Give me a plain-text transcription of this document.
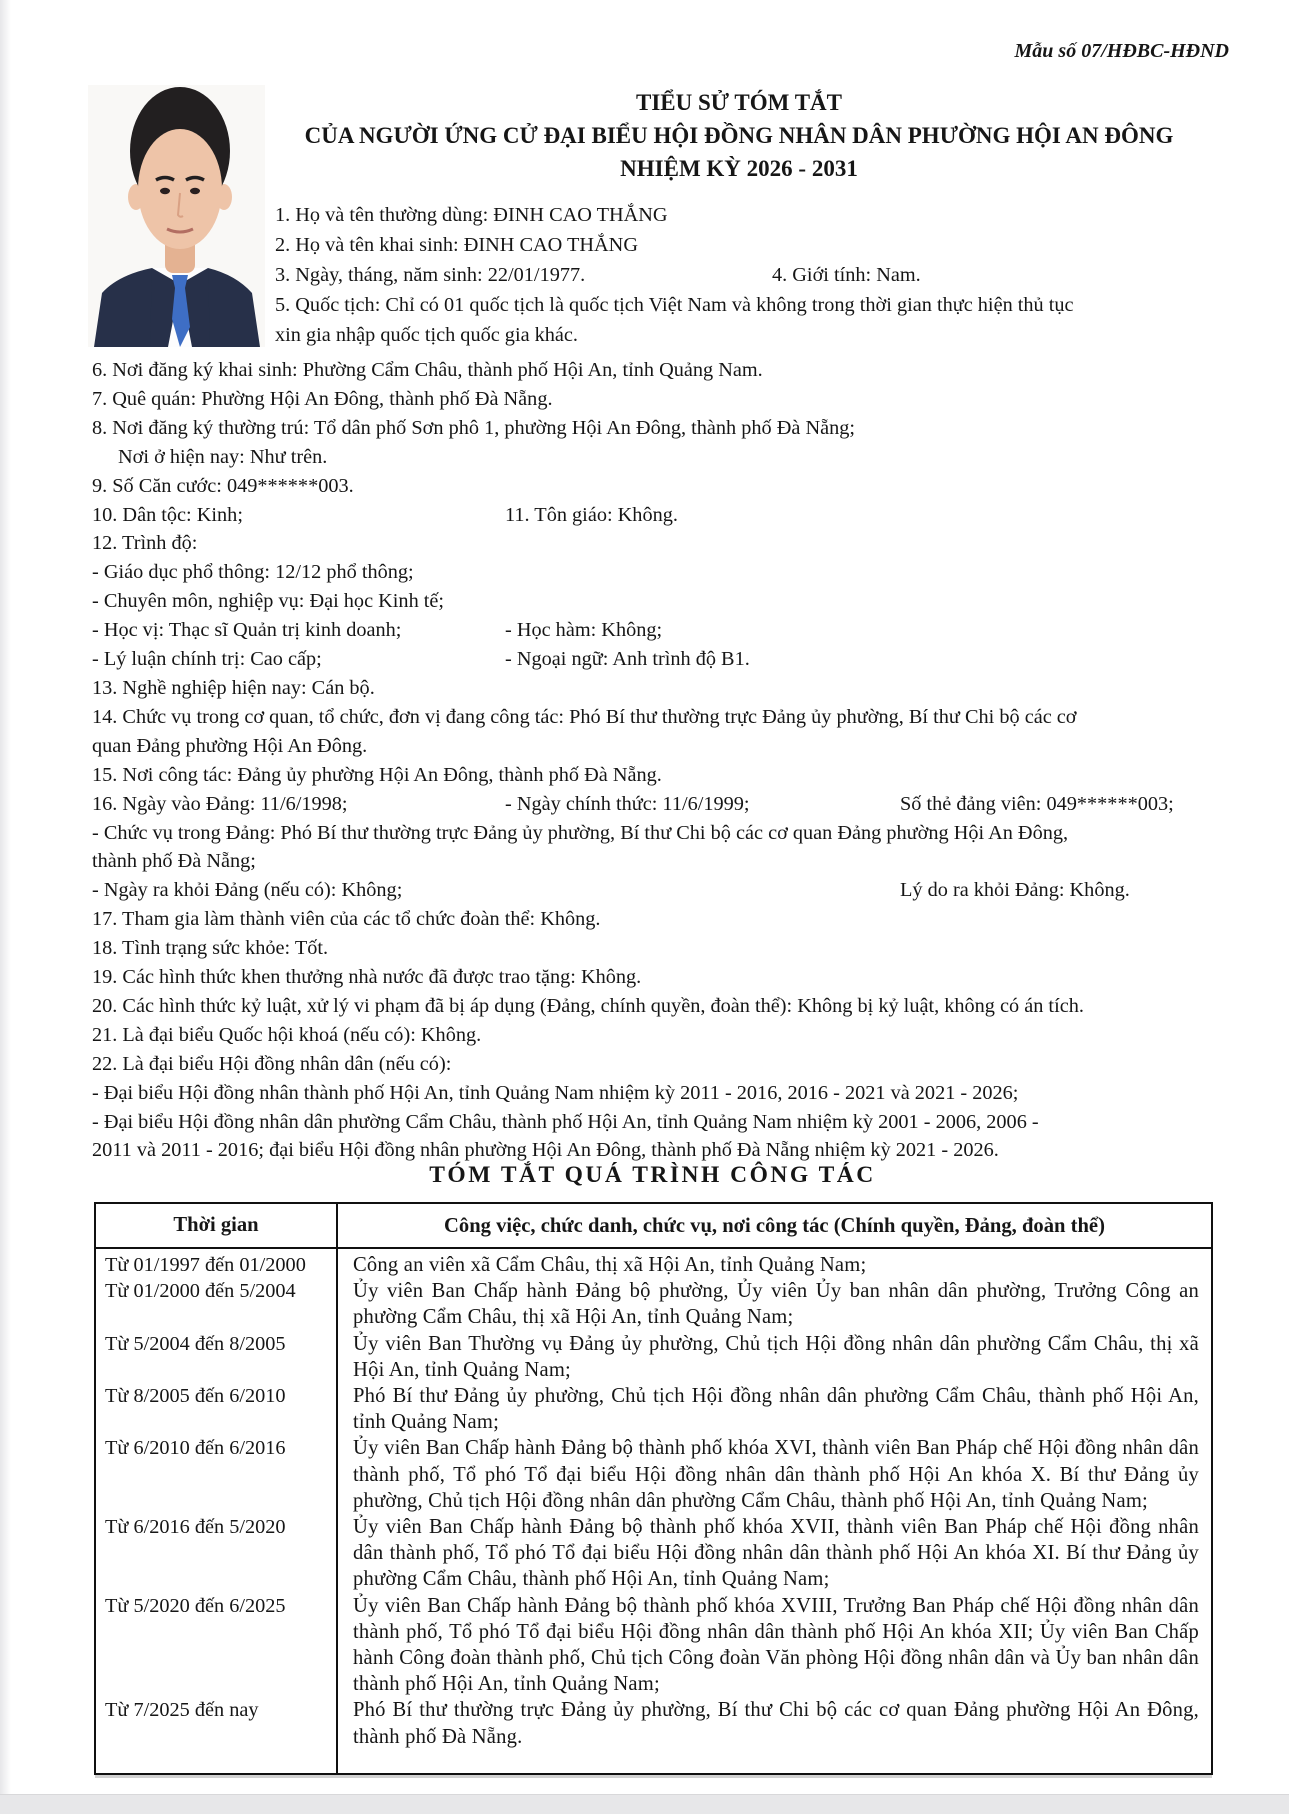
Mẫu số 07/HĐBC-HĐND
TIỂU SỬ TÓM TẮT
CỦA NGƯỜI ỨNG CỬ ĐẠI BIỂU HỘI ĐỒNG NHÂN DÂN PHƯỜNG HỘI AN ĐÔNG
NHIỆM KỲ 2026 - 2031
1. Họ và tên thường dùng: ĐINH CAO THẮNG
2. Họ và tên khai sinh: ĐINH CAO THẮNG
3. Ngày, tháng, năm sinh: 22/01/1977.	4. Giới tính: Nam.
5. Quốc tịch: Chỉ có 01 quốc tịch là quốc tịch Việt Nam và không trong thời gian thực hiện thủ tục
xin gia nhập quốc tịch quốc gia khác.
6. Nơi đăng ký khai sinh: Phường Cẩm Châu, thành phố Hội An, tỉnh Quảng Nam.
7. Quê quán: Phường Hội An Đông, thành phố Đà Nẵng.
8. Nơi đăng ký thường trú: Tổ dân phố Sơn phô 1, phường Hội An Đông, thành phố Đà Nẵng;
Nơi ở hiện nay: Như trên.
9. Số Căn cước: 049******003.
10. Dân tộc: Kinh;	11. Tôn giáo: Không.
12. Trình độ:
- Giáo dục phổ thông: 12/12 phổ thông;
- Chuyên môn, nghiệp vụ: Đại học Kinh tế;
- Học vị: Thạc sĩ Quản trị kinh doanh;	- Học hàm: Không;
- Lý luận chính trị: Cao cấp;	- Ngoại ngữ: Anh trình độ B1.
13. Nghề nghiệp hiện nay: Cán bộ.
14. Chức vụ trong cơ quan, tổ chức, đơn vị đang công tác: Phó Bí thư thường trực Đảng ủy phường, Bí thư Chi bộ các cơ
quan Đảng phường Hội An Đông.
15. Nơi công tác: Đảng ủy phường Hội An Đông, thành phố Đà Nẵng.
16. Ngày vào Đảng: 11/6/1998;	- Ngày chính thức: 11/6/1999;	Số thẻ đảng viên: 049******003;
- Chức vụ trong Đảng: Phó Bí thư thường trực Đảng ủy phường, Bí thư Chi bộ các cơ quan Đảng phường Hội An Đông,
thành phố Đà Nẵng;
- Ngày ra khỏi Đảng (nếu có): Không;	Lý do ra khỏi Đảng: Không.
17. Tham gia làm thành viên của các tổ chức đoàn thể: Không.
18. Tình trạng sức khỏe: Tốt.
19. Các hình thức khen thưởng nhà nước đã được trao tặng: Không.
20. Các hình thức kỷ luật, xử lý vi phạm đã bị áp dụng (Đảng, chính quyền, đoàn thể): Không bị kỷ luật, không có án tích.
21. Là đại biểu Quốc hội khoá (nếu có): Không.
22. Là đại biểu Hội đồng nhân dân (nếu có):
- Đại biểu Hội đồng nhân thành phố Hội An, tỉnh Quảng Nam nhiệm kỳ 2011 - 2016, 2016 - 2021 và 2021 - 2026;
- Đại biểu Hội đồng nhân dân phường Cẩm Châu, thành phố Hội An, tỉnh Quảng Nam nhiệm kỳ 2001 - 2006, 2006 -
2011 và 2011 - 2016; đại biểu Hội đồng nhân phường Hội An Đông, thành phố Đà Nẵng nhiệm kỳ 2021 - 2026.
TÓM TẮT QUÁ TRÌNH CÔNG TÁC
Thời gian	Công việc, chức danh, chức vụ, nơi công tác (Chính quyền, Đảng, đoàn thể)
Từ 01/1997 đến 01/2000	Công an viên xã Cẩm Châu, thị xã Hội An, tỉnh Quảng Nam;
Từ 01/2000 đến 5/2004	Ủy viên Ban Chấp hành Đảng bộ phường, Ủy viên Ủy ban nhân dân phường, Trưởng Công an phường Cẩm Châu, thị xã Hội An, tỉnh Quảng Nam;
Từ 5/2004 đến 8/2005	Ủy viên Ban Thường vụ Đảng ủy phường, Chủ tịch Hội đồng nhân dân phường Cẩm Châu, thị xã Hội An, tỉnh Quảng Nam;
Từ 8/2005 đến 6/2010	Phó Bí thư Đảng ủy phường, Chủ tịch Hội đồng nhân dân phường Cẩm Châu, thành phố Hội An, tỉnh Quảng Nam;
Từ 6/2010 đến 6/2016	Ủy viên Ban Chấp hành Đảng bộ thành phố khóa XVI, thành viên Ban Pháp chế Hội đồng nhân dân thành phố, Tổ phó Tổ đại biểu Hội đồng nhân dân thành phố Hội An khóa X. Bí thư Đảng ủy phường, Chủ tịch Hội đồng nhân dân phường Cẩm Châu, thành phố Hội An, tỉnh Quảng Nam;
Từ 6/2016 đến 5/2020	Ủy viên Ban Chấp hành Đảng bộ thành phố khóa XVII, thành viên Ban Pháp chế Hội đồng nhân dân thành phố, Tổ phó Tổ đại biểu Hội đồng nhân dân thành phố Hội An khóa XI. Bí thư Đảng ủy phường Cẩm Châu, thành phố Hội An, tỉnh Quảng Nam;
Từ 5/2020 đến 6/2025	Ủy viên Ban Chấp hành Đảng bộ thành phố khóa XVIII, Trưởng Ban Pháp chế Hội đồng nhân dân thành phố, Tổ phó Tổ đại biểu Hội đồng nhân dân thành phố Hội An khóa XII; Ủy viên Ban Chấp hành Công đoàn thành phố, Chủ tịch Công đoàn Văn phòng Hội đồng nhân dân và Ủy ban nhân dân thành phố Hội An, tỉnh Quảng Nam;
Từ 7/2025 đến nay	Phó Bí thư thường trực Đảng ủy phường, Bí thư Chi bộ các cơ quan Đảng phường Hội An Đông, thành phố Đà Nẵng.
